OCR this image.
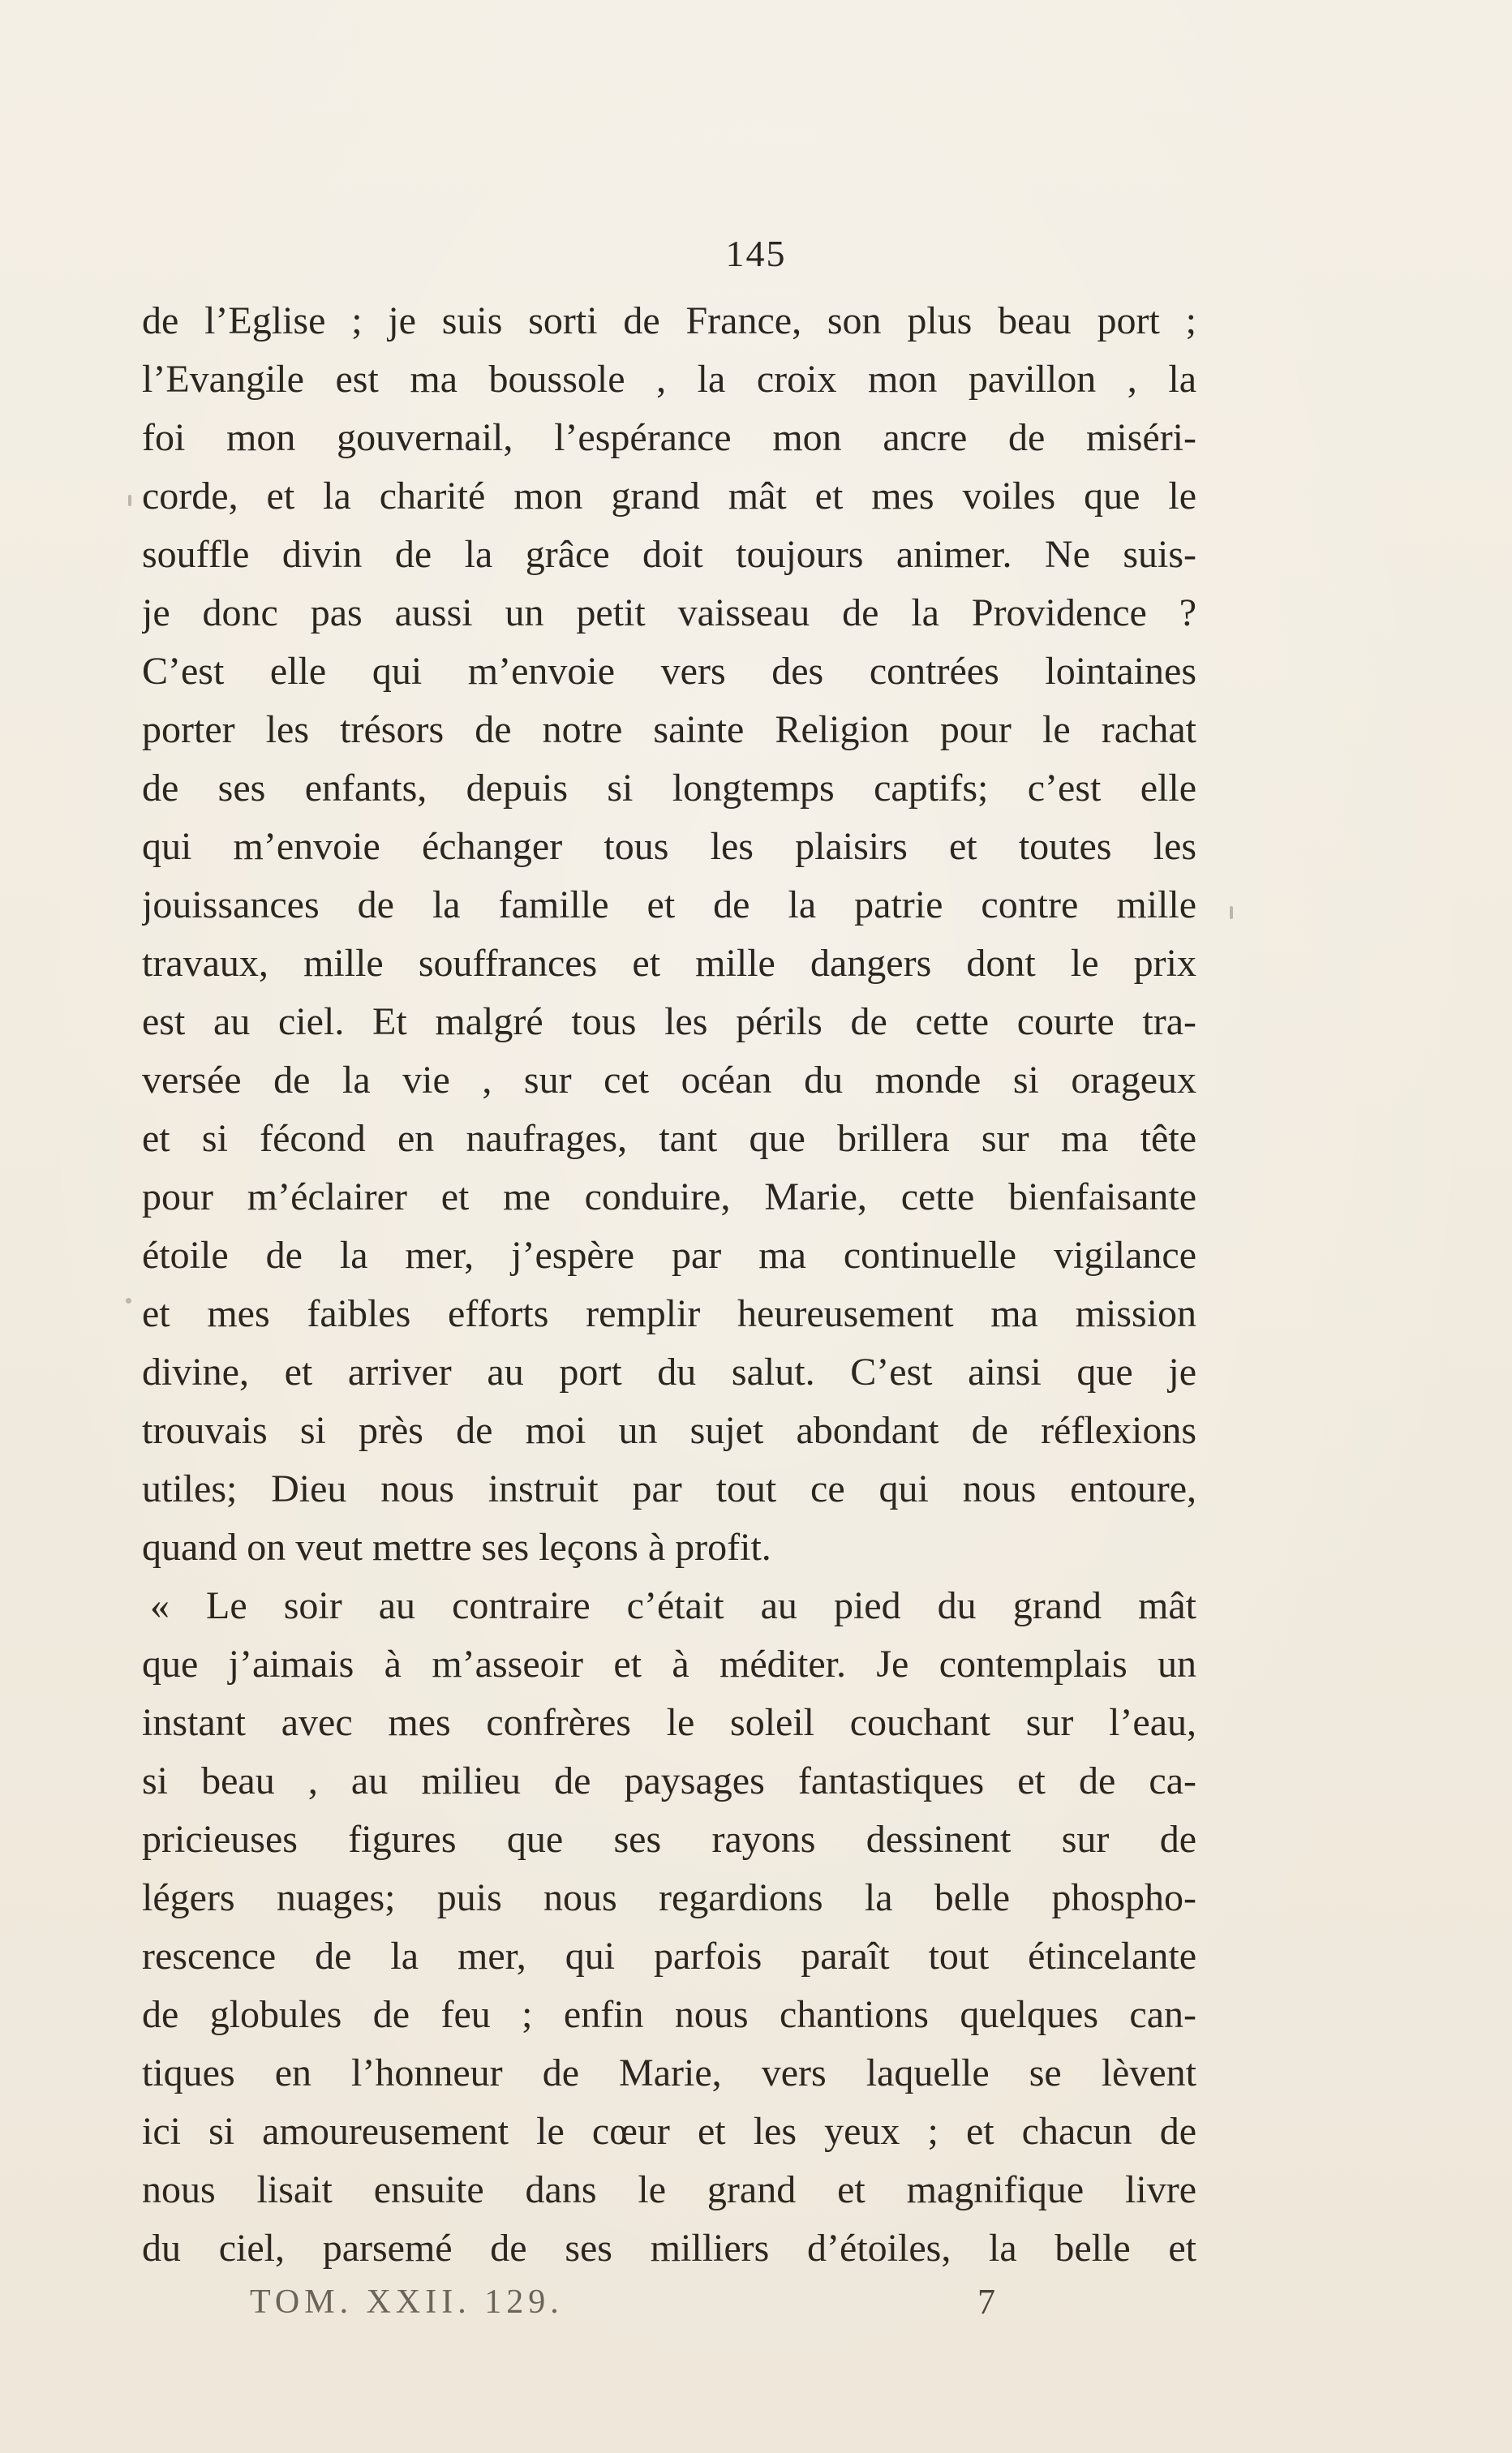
145
de l’Eglise ; je suis sorti de France, son plus beau port ;
l’Evangile est ma boussole , la croix mon pavillon , la
foi mon gouvernail, l’espérance mon ancre de miséri-
corde, et la charité mon grand mât et mes voiles que le
souffle divin de la grâce doit toujours animer. Ne suis-
je donc pas aussi un petit vaisseau de la Providence ?
C’est elle qui m’envoie vers des contrées lointaines
porter les trésors de notre sainte Religion pour le rachat
de ses enfants, depuis si longtemps captifs; c’est elle
qui m’envoie échanger tous les plaisirs et toutes les
jouissances de la famille et de la patrie contre mille
travaux, mille souffrances et mille dangers dont le prix
est au ciel. Et malgré tous les périls de cette courte tra-
versée de la vie , sur cet océan du monde si orageux
et si fécond en naufrages, tant que brillera sur ma tête
pour m’éclairer et me conduire, Marie, cette bienfaisante
étoile de la mer, j’espère par ma continuelle vigilance
et mes faibles efforts remplir heureusement ma mission
divine, et arriver au port du salut. C’est ainsi que je
trouvais si près de moi un sujet abondant de réflexions
utiles; Dieu nous instruit par tout ce qui nous entoure,
quand on veut mettre ses leçons à profit.
« Le soir au contraire c’était au pied du grand mât
que j’aimais à m’asseoir et à méditer. Je contemplais un
instant avec mes confrères le soleil couchant sur l’eau,
si beau , au milieu de paysages fantastiques et de ca-
pricieuses figures que ses rayons dessinent sur de
légers nuages; puis nous regardions la belle phospho-
rescence de la mer, qui parfois paraît tout étincelante
de globules de feu ; enfin nous chantions quelques can-
tiques en l’honneur de Marie, vers laquelle se lèvent
ici si amoureusement le cœur et les yeux ; et chacun de
nous lisait ensuite dans le grand et magnifique livre
du ciel, parsemé de ses milliers d’étoiles, la belle et
TOM. XXII. 129.	7
